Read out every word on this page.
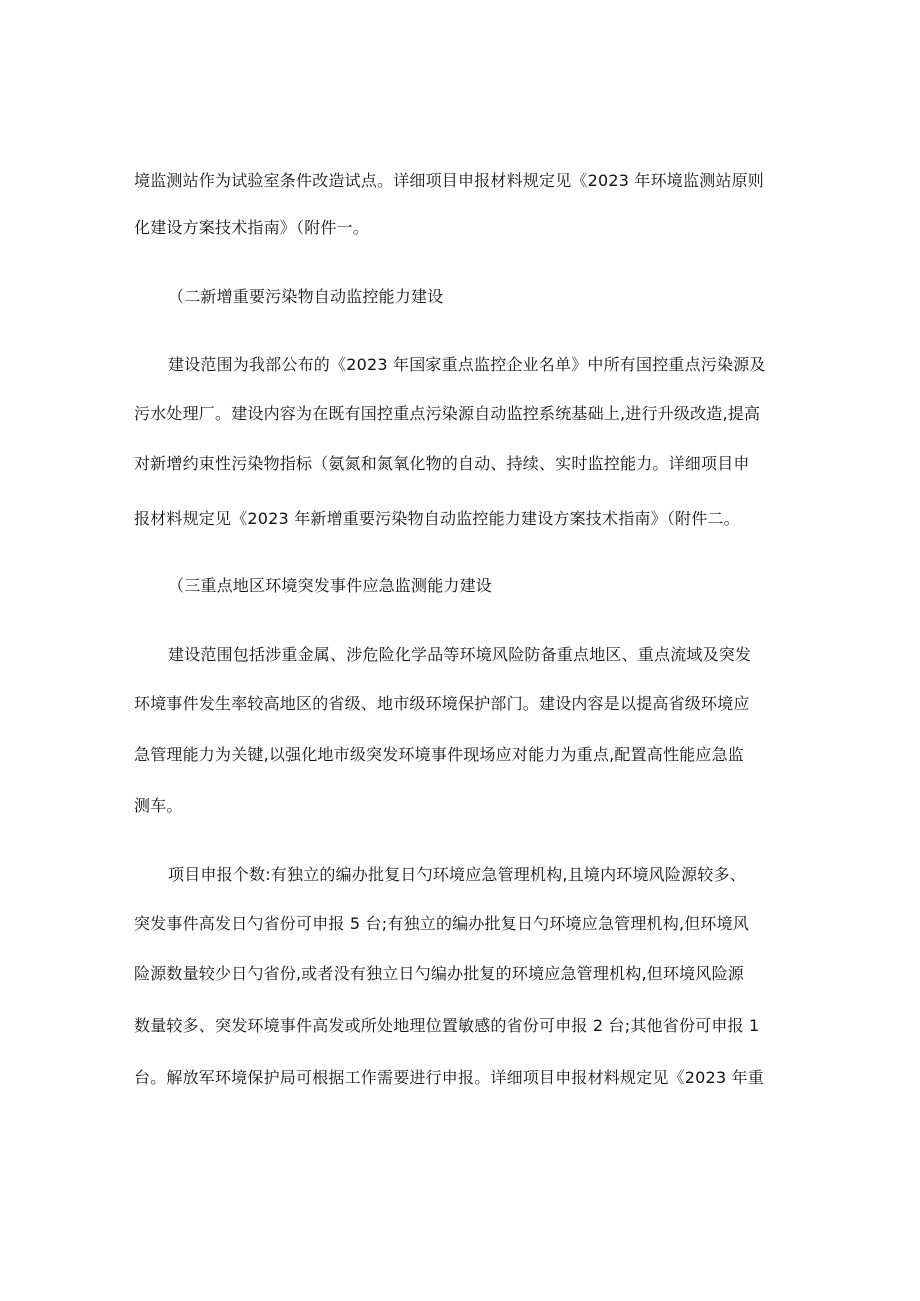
境监测站作为试验室条件改造试点。详细项目申报材料规定见《2023 年环境监测站原则
化建设方案技术指南》（附件一。
（二新增重要污染物自动监控能力建设
建设范围为我部公布的《2023 年国家重点监控企业名单》中所有国控重点污染源及
污水处理厂。建设内容为在既有国控重点污染源自动监控系统基础上,进行升级改造,提高
对新增约束性污染物指标（氨氮和氮氧化物的自动、持续、实时监控能力。详细项目申
报材料规定见《2023 年新增重要污染物自动监控能力建设方案技术指南》（附件二。
（三重点地区环境突发事件应急监测能力建设
建设范围包括涉重金属、涉危险化学品等环境风险防备重点地区、重点流域及突发
环境事件发生率较高地区的省级、地市级环境保护部门。建设内容是以提高省级环境应
急管理能力为关键,以强化地市级突发环境事件现场应对能力为重点,配置高性能应急监
测车。
项目申报个数:有独立的编办批复日勺环境应急管理机构,且境内环境风险源较多、
突发事件高发日勺省份可申报 5 台;有独立的编办批复日勺环境应急管理机构,但环境风
险源数量较少日勺省份,或者没有独立日勺编办批复的环境应急管理机构,但环境风险源
数量较多、突发环境事件高发或所处地理位置敏感的省份可申报 2 台;其他省份可申报 1
台。解放军环境保护局可根据工作需要进行申报。详细项目申报材料规定见《2023 年重
